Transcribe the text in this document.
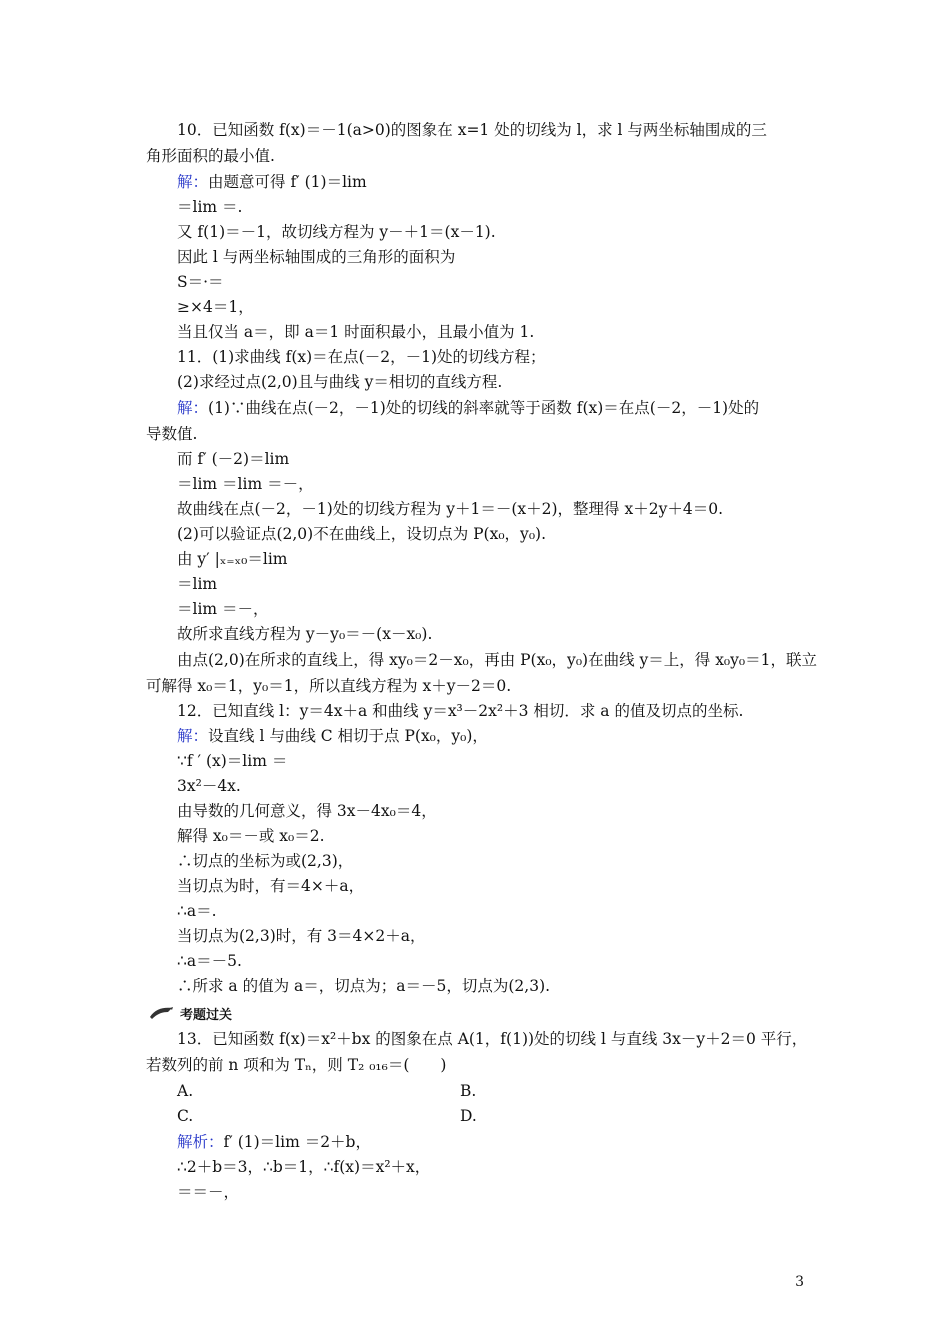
10．已知函数 f(x)＝－1(a>0)的图象在 x=1 处的切线为 l，求 l 与两坐标轴围成的三
角形面积的最小值.
解：由题意可得 f′ (1)＝lim
＝lim ＝.
又 f(1)＝－1，故切线方程为 y－＋1＝(x－1).
因此 l 与两坐标轴围成的三角形的面积为
S＝·＝
≥×4＝1，
当且仅当 a＝，即 a＝1 时面积最小，且最小值为 1.
11．(1)求曲线 f(x)＝在点(－2，－1)处的切线方程；
(2)求经过点(2,0)且与曲线 y＝相切的直线方程.
解：(1)∵曲线在点(－2，－1)处的切线的斜率就等于函数 f(x)＝在点(－2，－1)处的
导数值.
而 f′ (－2)＝lim
＝lim ＝lim ＝－，
故曲线在点(－2，－1)处的切线方程为 y＋1＝－(x＋2)，整理得 x＋2y＋4＝0.
(2)可以验证点(2,0)不在曲线上，设切点为 P(x₀，y₀).
由 y′ |ₓ₌ₓ₀＝lim
＝lim
＝lim ＝－，
故所求直线方程为 y－y₀＝－(x－x₀).
由点(2,0)在所求的直线上，得 xy₀＝2－x₀，再由 P(x₀，y₀)在曲线 y＝上，得 x₀y₀＝1，联立
可解得 x₀＝1，y₀＝1，所以直线方程为 x＋y－2＝0.
12．已知直线 l：y＝4x＋a 和曲线 y＝x³－2x²＋3 相切．求 a 的值及切点的坐标.
解：设直线 l 与曲线 C 相切于点 P(x₀，y₀)，
∵f ′ (x)＝lim ＝
3x²－4x.
由导数的几何意义，得 3x－4x₀＝4，
解得 x₀＝－或 x₀＝2.
∴切点的坐标为或(2,3)，
当切点为时，有＝4×＋a，
∴a＝.
当切点为(2,3)时，有 3＝4×2＋a，
∴a＝－5.
∴所求 a 的值为 a＝，切点为；a＝－5，切点为(2,3).
13．已知函数 f(x)＝x²＋bx 的图象在点 A(1，f(1))处的切线 l 与直线 3x－y＋2＝0 平行，
若数列的前 n 项和为 Tₙ，则 T₂ ₀₁₆＝(　　)
解析：f′ (1)＝lim ＝2＋b，
∴2＋b＝3，∴b＝1，∴f(x)＝x²＋x，
＝＝－，
考题过关
A.	B.
C.	D.
3
